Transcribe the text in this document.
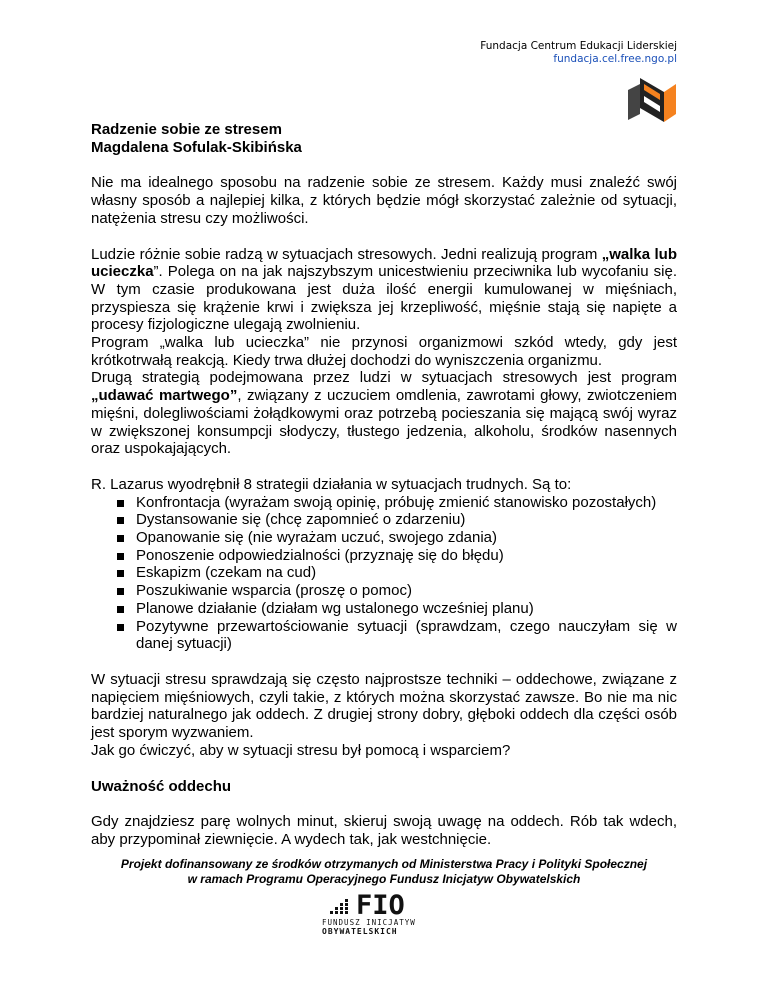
Fundacja Centrum Edukacji Liderskiej
fundacja.cel.free.ngo.pl
CEL

Radzenie sobie ze stresem

Magdalena Sofulak-Skibińska

Nie ma idealnego sposobu na radzenie sobie ze stresem. Każdy musi znaleźć swój własny sposób a najlepiej kilka, z których będzie mógł skorzystać zależnie od sytuacji, natężenia stresu czy możliwości.

Ludzie różnie sobie radzą w sytuacjach stresowych. Jedni realizują program „walka lub ucieczka”. Polega on na jak najszybszym unicestwieniu przeciwnika lub wycofaniu się. W tym czasie produkowana jest duża ilość energii kumulowanej w mięśniach, przyspiesza się krążenie krwi i zwiększa jej krzepliwość, mięśnie stają się napięte a procesy fizjologiczne ulegają zwolnieniu.

Program „walka lub ucieczka” nie przynosi organizmowi szkód wtedy, gdy jest krótkotrwałą reakcją. Kiedy trwa dłużej dochodzi do wyniszczenia organizmu.

Drugą strategią podejmowana przez ludzi w sytuacjach stresowych jest program „udawać martwego”, związany z uczuciem omdlenia, zawrotami głowy, zwiotczeniem mięśni, dolegliwościami żołądkowymi oraz potrzebą pocieszania się mającą swój wyraz w zwiększonej konsumpcji słodyczy, tłustego jedzenia, alkoholu, środków nasennych oraz uspokajających.

R. Lazarus wyodrębnił 8 strategii działania w sytuacjach trudnych. Są to:

Konfrontacja (wyrażam swoją opinię, próbuję zmienić stanowisko pozostałych)
Dystansowanie się (chcę zapomnieć o zdarzeniu)
Opanowanie się (nie wyrażam uczuć, swojego zdania)
Ponoszenie odpowiedzialności (przyznaję się do błędu)
Eskapizm (czekam na cud)
Poszukiwanie wsparcia (proszę o pomoc)
Planowe działanie (działam wg ustalonego wcześniej planu)
Pozytywne przewartościowanie sytuacji (sprawdzam, czego nauczyłam się w danej sytuacji)

W sytuacji stresu sprawdzają się często najprostsze techniki – oddechowe, związane z napięciem mięśniowych, czyli takie, z których można skorzystać zawsze. Bo nie ma nic bardziej naturalnego jak oddech. Z drugiej strony dobry, głęboki oddech dla części osób jest sporym wyzwaniem.

Jak go ćwiczyć, aby w sytuacji stresu był pomocą i wsparciem?

Uważność oddechu

Gdy znajdziesz parę wolnych minut, skieruj swoją uwagę na oddech. Rób tak wdech, aby przypominał ziewnięcie. A wydech tak, jak westchnięcie.

Projekt dofinansowany ze środków otrzymanych od Ministerstwa Pracy i Polityki Społecznej
w ramach Programu Operacyjnego Fundusz Inicjatyw Obywatelskich
FIO
FUNDUSZ INICJATYW
OBYWATELSKICH
